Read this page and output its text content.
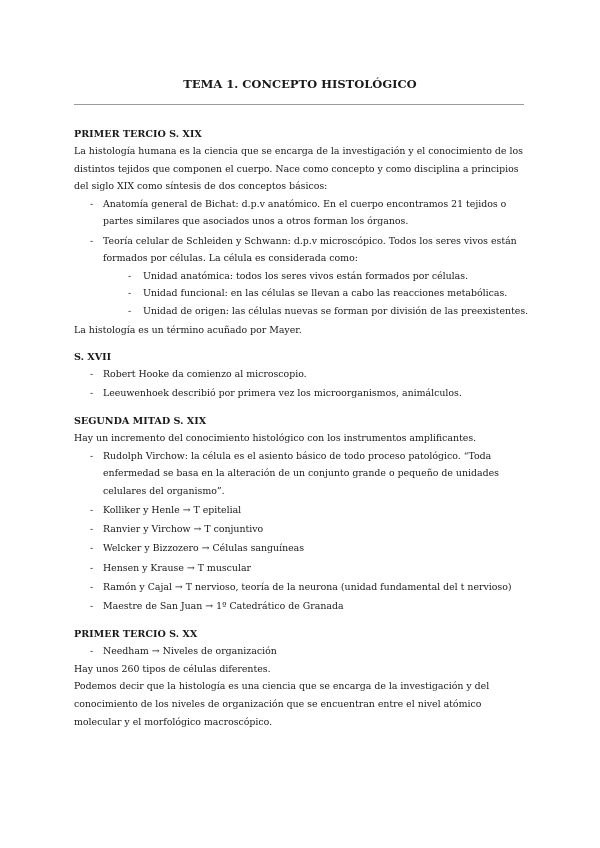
TEMA 1. CONCEPTO HISTOLÓGICO
PRIMER TERCIO S. XIX

La histología humana es la ciencia que se encarga de la investigación y el conocimiento de los distintos tejidos que componen el cuerpo. Nace como concepto y como disciplina a principios del siglo XIX como síntesis de dos conceptos básicos:

- Anatomía general de Bichat: d.p.v anatómico. En el cuerpo encontramos 21 tejidos o partes similares que asociados unos a otros forman los órganos.
- Teoría celular de Schleiden y Schwann: d.p.v microscópico. Todos los seres vivos están formados por células. La célula es considerada como:
- Unidad anatómica: todos los seres vivos están formados por células.
- Unidad funcional: en las células se llevan a cabo las reacciones metabólicas.
- Unidad de origen: las células nuevas se forman por división de las preexistentes.

La histología es un término acuñado por Mayer.

S. XVII
- Robert Hooke da comienzo al microscopio.
- Leeuwenhoek describió por primera vez los microorganismos, animálculos.
SEGUNDA MITAD S. XIX

Hay un incremento del conocimiento histológico con los instrumentos amplificantes.

- Rudolph Virchow: la célula es el asiento básico de todo proceso patológico. “Toda enfermedad se basa en la alteración de un conjunto grande o pequeño de unidades celulares del organismo”.
- Kolliker y Henle → T epitelial
- Ranvier y Virchow → T conjuntivo
- Welcker y Bizzozero → Células sanguíneas
- Hensen y Krause → T muscular
- Ramón y Cajal → T nervioso, teoría de la neurona (unidad fundamental del t nervioso)
- Maestre de San Juan → 1º Catedrático de Granada
PRIMER TERCIO S. XX
- Needham → Niveles de organización

Hay unos 260 tipos de células diferentes.

Podemos decir que la histología es una ciencia que se encarga de la investigación y del conocimiento de los niveles de organización que se encuentran entre el nivel atómico molecular y el morfológico macroscópico.
